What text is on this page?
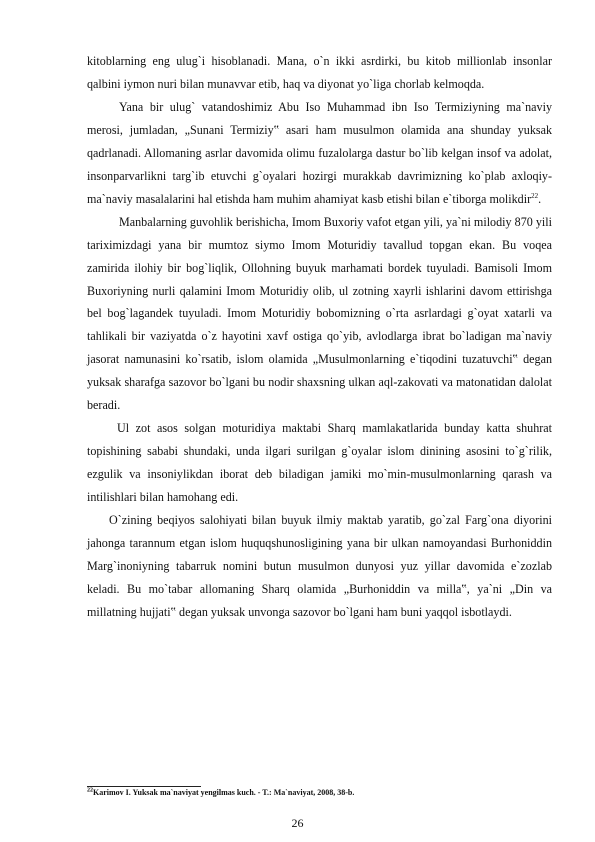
kitoblarning eng ulug`i hisoblanadi. Mana, o`n ikki asrdirki, bu kitob millionlab insonlar qalbini iymon nuri bilan munavvar etib, haq va diyonat yo`liga chorlab kelmoqda.

Yana bir ulug` vatandoshimiz Abu Iso Muhammad ibn Iso Termiziyning ma`naviy merosi, jumladan, „Sunani Termiziy‟ asari ham musulmon olamida ana shunday yuksak qadrlanadi. Allomaning asrlar davomida olimu fuzalolarga dastur bo`lib kelgan insof va adolat, insonparvarlikni targ`ib etuvchi g`oyalari hozirgi murakkab davrimizning ko`plab axloqiy-ma`naviy masalalarini hal etishda ham muhim ahamiyat kasb etishi bilan e`tiborga molikdir$^{22}$.

Manbalarning guvohlik berishicha, Imom Buxoriy vafot etgan yili, ya`ni milodiy 870 yili tariximizdagi yana bir mumtoz siymo Imom Moturidiy tavallud topgan ekan. Bu voqea zamirida ilohiy bir bog`liqlik, Ollohning buyuk marhamati bordek tuyuladi. Bamisoli Imom Buxoriyning nurli qalamini Imom Moturidiy olib, ul zotning xayrli ishlarini davom ettirishga bel bog`lagandek tuyuladi. Imom Moturidiy bobomizning o`rta asrlardagi g`oyat xatarli va tahlikali bir vaziyatda o`z hayotini xavf ostiga qo`yib, avlodlarga ibrat bo`ladigan ma`naviy jasorat namunasini ko`rsatib, islom olamida „Musulmonlarning e`tiqodini tuzatuvchi‟ degan yuksak sharafga sazovor bo`lgani bu nodir shaxsning ulkan aql-zakovati va matonatidan dalolat beradi.

Ul zot asos solgan moturidiya maktabi Sharq mamlakatlarida bunday katta shuhrat topishining sababi shundaki, unda ilgari surilgan g`oyalar islom dinining asosini to`g`rilik, ezgulik va insoniylikdan iborat deb biladigan jamiki mo`min-musulmonlarning qarash va intilishlari bilan hamohang edi.

O`zining beqiyos salohiyati bilan buyuk ilmiy maktab yaratib, go`zal Farg`ona diyorini jahonga tarannum etgan islom huquqshunosligining yana bir ulkan namoyandasi Burhoniddin Marg`inoniyning tabarruk nomini butun musulmon dunyosi yuz yillar davomida e`zozlab keladi. Bu mo`tabar allomaning Sharq olamida „Burhoniddin va milla‟, ya`ni „Din va millatning hujjati‟ degan yuksak unvonga sazovor bo`lgani ham buni yaqqol isbotlaydi.

$^{22}$Karimov I. Yuksak ma`naviyat yengilmas kuch. - T.: Ma`naviyat, 2008, 38-b.
26
